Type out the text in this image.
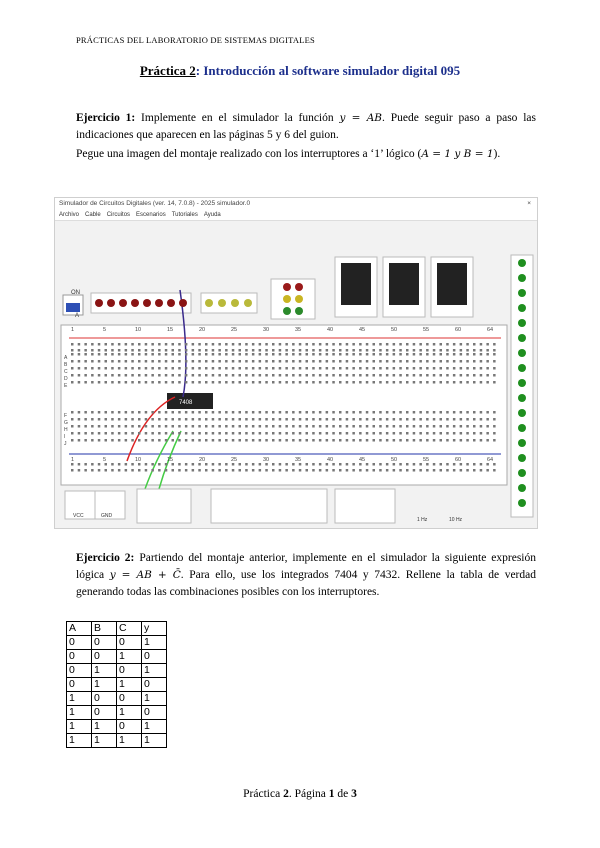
PRÁCTICAS DEL LABORATORIO DE SISTEMAS DIGITALES
Práctica 2: Introducción al software simulador digital 095
Ejercicio 1: Implemente en el simulador la función y = AB. Puede seguir paso a paso las indicaciones que aparecen en las páginas 5 y 6 del guion.
Pegue una imagen del montaje realizado con los interruptores a ‘1’ lógico (A = 1 y B = 1).
Simulador de Circuitos Digitales (ver. 14, 7.0.8) - 2025 simulador.0	×
Archivo Cable Circuitos Escenarios Tutoriales Ayuda
ON
7408
VCC	GND
1 Hz	10 Hz
A
1
1
5
5
10
10
15
15
20
20
25
25
30
30
35
35
40
40
45
45
50
50
55
55
60
60
64
64
A
B
C
D
E
F
G
H
I
J
Ejercicio 2: Partiendo del montaje anterior, implemente en el simulador la siguiente expresión lógica y = AB + C̄. Para ello, use los integrados 7404 y 7432. Rellene la tabla de verdad generando todas las combinaciones posibles con los interruptores.
A	B	C	y
0	0	0	1
0	0	1	0
0	1	0	1
0	1	1	0
1	0	0	1
1	0	1	0
1	1	0	1
1	1	1	1
Práctica 2. Página 1 de 3
